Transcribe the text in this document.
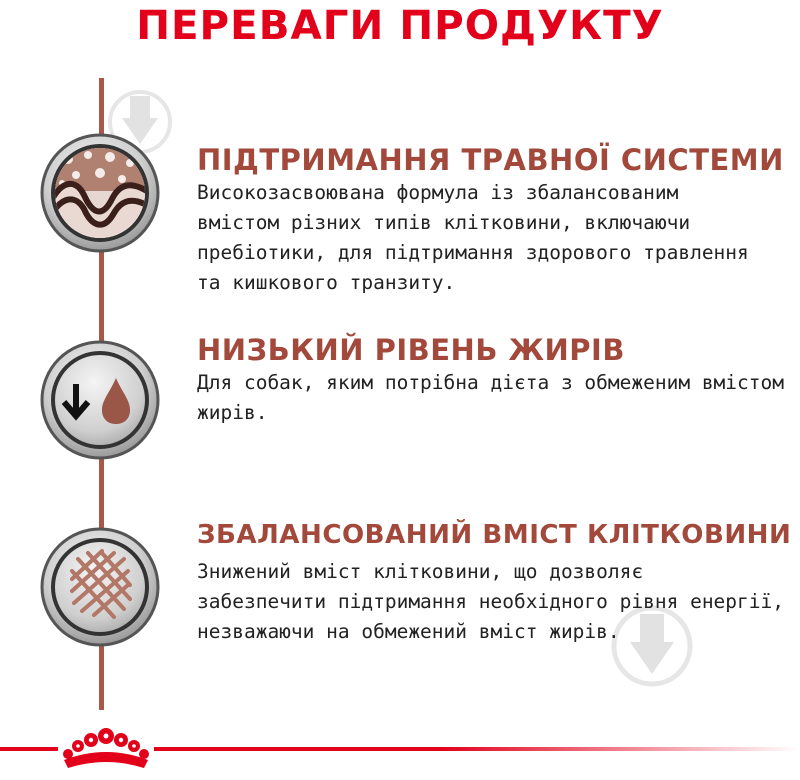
ПЕРЕВАГИ ПРОДУКТУ
ПІДТРИМАННЯ ТРАВНОЇ СИСТЕМИ
Високозасвоювана формула із збалансованим
вмістом різних типів клітковини, включаючи
пребіотики, для підтримання здорового травлення
та кишкового транзиту.
НИЗЬКИЙ РІВЕНЬ ЖИРІВ
Для собак, яким потрібна дієта з обмеженим вмістом
жирів.
ЗБАЛАНСОВАНИЙ ВМІСТ КЛІТКОВИНИ
Знижений вміст клітковини, що дозволяє
забезпечити підтримання необхідного рівня енергії,
незважаючи на обмежений вміст жирів.
